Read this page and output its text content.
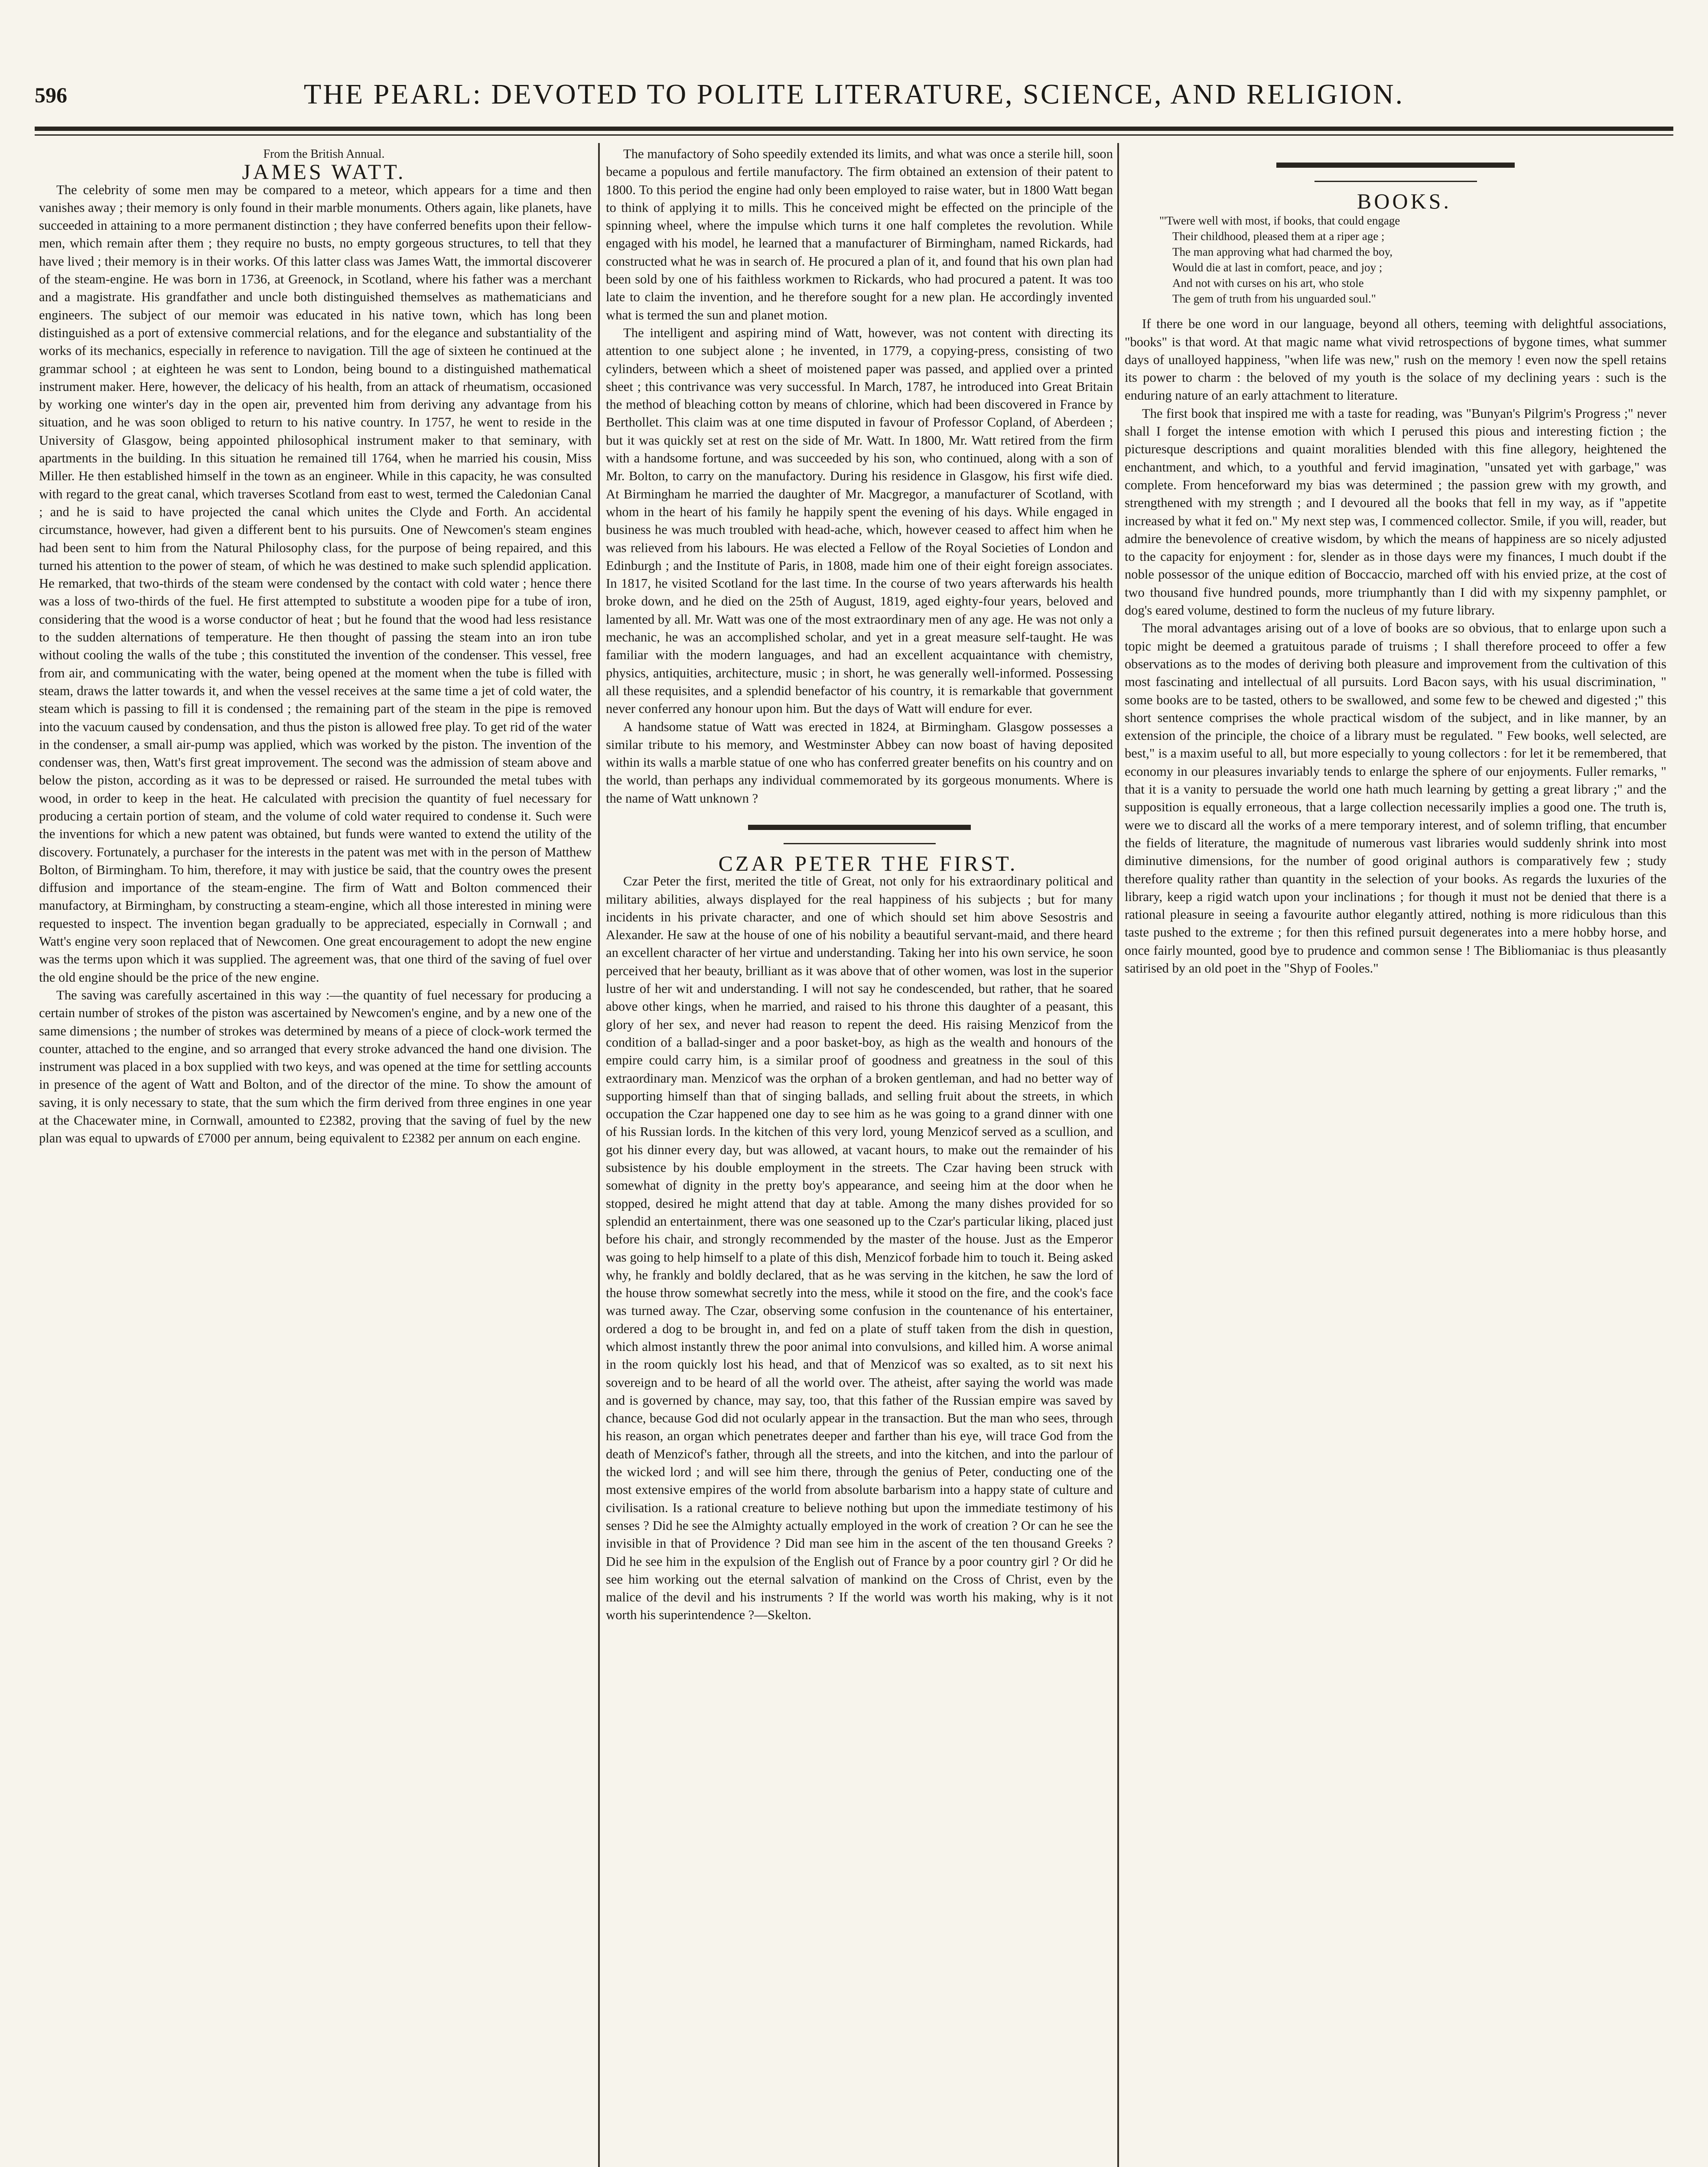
596	THE PEARL: DEVOTED TO POLITE LITERATURE, SCIENCE, AND RELIGION.

From the British Annual.

JAMES WATT.

The celebrity of some men may be compared to a meteor, which appears for a time and then vanishes away ; their memory is only found in their marble monuments. Others again, like planets, have succeeded in attaining to a more permanent distinction ; they have conferred benefits upon their fellow-men, which remain after them ; they require no busts, no empty gorgeous structures, to tell that they have lived ; their memory is in their works. Of this latter class was James Watt, the immortal discoverer of the steam-engine. He was born in 1736, at Greenock, in Scotland, where his father was a merchant and a magistrate. His grandfather and uncle both distinguished themselves as mathematicians and engineers. The subject of our memoir was educated in his native town, which has long been distinguished as a port of extensive commercial relations, and for the elegance and substantiality of the works of its mechanics, especially in reference to navigation. Till the age of sixteen he continued at the grammar school ; at eighteen he was sent to London, being bound to a distinguished mathematical instrument maker. Here, however, the delicacy of his health, from an attack of rheumatism, occasioned by working one winter's day in the open air, prevented him from deriving any advantage from his situation, and he was soon obliged to return to his native country. In 1757, he went to reside in the University of Glasgow, being appointed philosophical instrument maker to that seminary, with apartments in the building. In this situation he remained till 1764, when he married his cousin, Miss Miller. He then established himself in the town as an engineer. While in this capacity, he was consulted with regard to the great canal, which traverses Scotland from east to west, termed the Caledonian Canal ; and he is said to have projected the canal which unites the Clyde and Forth. An accidental circumstance, however, had given a different bent to his pursuits. One of Newcomen's steam engines had been sent to him from the Natural Philosophy class, for the purpose of being repaired, and this turned his attention to the power of steam, of which he was destined to make such splendid application. He remarked, that two-thirds of the steam were condensed by the contact with cold water ; hence there was a loss of two-thirds of the fuel. He first attempted to substitute a wooden pipe for a tube of iron, considering that the wood is a worse conductor of heat ; but he found that the wood had less resistance to the sudden alternations of temperature. He then thought of passing the steam into an iron tube without cooling the walls of the tube ; this constituted the invention of the condenser. This vessel, free from air, and communicating with the water, being opened at the moment when the tube is filled with steam, draws the latter towards it, and when the vessel receives at the same time a jet of cold water, the steam which is passing to fill it is condensed ; the remaining part of the steam in the pipe is removed into the vacuum caused by condensation, and thus the piston is allowed free play. To get rid of the water in the condenser, a small air-pump was applied, which was worked by the piston. The invention of the condenser was, then, Watt's first great improvement. The second was the admission of steam above and below the piston, according as it was to be depressed or raised. He surrounded the metal tubes with wood, in order to keep in the heat. He calculated with precision the quantity of fuel necessary for producing a certain portion of steam, and the volume of cold water required to condense it. Such were the inventions for which a new patent was obtained, but funds were wanted to extend the utility of the discovery. Fortunately, a purchaser for the interests in the patent was met with in the person of Matthew Bolton, of Birmingham. To him, therefore, it may with justice be said, that the country owes the present diffusion and importance of the steam-engine. The firm of Watt and Bolton commenced their manufactory, at Birmingham, by constructing a steam-engine, which all those interested in mining were requested to inspect. The invention began gradually to be appreciated, especially in Cornwall ; and Watt's engine very soon replaced that of Newcomen. One great encouragement to adopt the new engine was the terms upon which it was supplied. The agreement was, that one third of the saving of fuel over the old engine should be the price of the new engine.

The saving was carefully ascertained in this way :—the quantity of fuel necessary for producing a certain number of strokes of the piston was ascertained by Newcomen's engine, and by a new one of the same dimensions ; the number of strokes was determined by means of a piece of clock-work termed the counter, attached to the engine, and so arranged that every stroke advanced the hand one division. The instrument was placed in a box supplied with two keys, and was opened at the time for settling accounts in presence of the agent of Watt and Bolton, and of the director of the mine. To show the amount of saving, it is only necessary to state, that the sum which the firm derived from three engines in one year at the Chacewater mine, in Cornwall, amounted to £2382, proving that the saving of fuel by the new plan was equal to upwards of £7000 per annum, being equivalent to £2382 per annum on each engine.

The manufactory of Soho speedily extended its limits, and what was once a sterile hill, soon became a populous and fertile manufactory. The firm obtained an extension of their patent to 1800. To this period the engine had only been employed to raise water, but in 1800 Watt began to think of applying it to mills. This he conceived might be effected on the principle of the spinning wheel, where the impulse which turns it one half completes the revolution. While engaged with his model, he learned that a manufacturer of Birmingham, named Rickards, had constructed what he was in search of. He procured a plan of it, and found that his own plan had been sold by one of his faithless workmen to Rickards, who had procured a patent. It was too late to claim the invention, and he therefore sought for a new plan. He accordingly invented what is termed the sun and planet motion.

The intelligent and aspiring mind of Watt, however, was not content with directing its attention to one subject alone ; he invented, in 1779, a copying-press, consisting of two cylinders, between which a sheet of moistened paper was passed, and applied over a printed sheet ; this contrivance was very successful. In March, 1787, he introduced into Great Britain the method of bleaching cotton by means of chlorine, which had been discovered in France by Berthollet. This claim was at one time disputed in favour of Professor Copland, of Aberdeen ; but it was quickly set at rest on the side of Mr. Watt. In 1800, Mr. Watt retired from the firm with a handsome fortune, and was succeeded by his son, who continued, along with a son of Mr. Bolton, to carry on the manufactory. During his residence in Glasgow, his first wife died. At Birmingham he married the daughter of Mr. Macgregor, a manufacturer of Scotland, with whom in the heart of his family he happily spent the evening of his days. While engaged in business he was much troubled with head-ache, which, however ceased to affect him when he was relieved from his labours. He was elected a Fellow of the Royal Societies of London and Edinburgh ; and the Institute of Paris, in 1808, made him one of their eight foreign associates. In 1817, he visited Scotland for the last time. In the course of two years afterwards his health broke down, and he died on the 25th of August, 1819, aged eighty-four years, beloved and lamented by all. Mr. Watt was one of the most extraordinary men of any age. He was not only a mechanic, he was an accomplished scholar, and yet in a great measure self-taught. He was familiar with the modern languages, and had an excellent acquaintance with chemistry, physics, antiquities, architecture, music ; in short, he was generally well-informed. Possessing all these requisites, and a splendid benefactor of his country, it is remarkable that government never conferred any honour upon him. But the days of Watt will endure for ever.

A handsome statue of Watt was erected in 1824, at Birmingham. Glasgow possesses a similar tribute to his memory, and Westminster Abbey can now boast of having deposited within its walls a marble statue of one who has conferred greater benefits on his country and on the world, than perhaps any individual commemorated by its gorgeous monuments. Where is the name of Watt unknown ?

CZAR PETER THE FIRST.

Czar Peter the first, merited the title of Great, not only for his extraordinary political and military abilities, always displayed for the real happiness of his subjects ; but for many incidents in his private character, and one of which should set him above Sesostris and Alexander. He saw at the house of one of his nobility a beautiful servant-maid, and there heard an excellent character of her virtue and understanding. Taking her into his own service, he soon perceived that her beauty, brilliant as it was above that of other women, was lost in the superior lustre of her wit and understanding. I will not say he condescended, but rather, that he soared above other kings, when he married, and raised to his throne this daughter of a peasant, this glory of her sex, and never had reason to repent the deed. His raising Menzicof from the condition of a ballad-singer and a poor basket-boy, as high as the wealth and honours of the empire could carry him, is a similar proof of goodness and greatness in the soul of this extraordinary man. Menzicof was the orphan of a broken gentleman, and had no better way of supporting himself than that of singing ballads, and selling fruit about the streets, in which occupation the Czar happened one day to see him as he was going to a grand dinner with one of his Russian lords. In the kitchen of this very lord, young Menzicof served as a scullion, and got his dinner every day, but was allowed, at vacant hours, to make out the remainder of his subsistence by his double employment in the streets. The Czar having been struck with somewhat of dignity in the pretty boy's appearance, and seeing him at the door when he stopped, desired he might attend that day at table. Among the many dishes provided for so splendid an entertainment, there was one seasoned up to the Czar's particular liking, placed just before his chair, and strongly recommended by the master of the house. Just as the Emperor was going to help himself to a plate of this dish, Menzicof forbade him to touch it. Being asked why, he frankly and boldly declared, that as he was serving in the kitchen, he saw the lord of the house throw somewhat secretly into the mess, while it stood on the fire, and the cook's face was turned away. The Czar, observing some confusion in the countenance of his entertainer, ordered a dog to be brought in, and fed on a plate of stuff taken from the dish in question, which almost instantly threw the poor animal into convulsions, and killed him. A worse animal in the room quickly lost his head, and that of Menzicof was so exalted, as to sit next his sovereign and to be heard of all the world over. The atheist, after saying the world was made and is governed by chance, may say, too, that this father of the Russian empire was saved by chance, because God did not ocularly appear in the transaction. But the man who sees, through his reason, an organ which penetrates deeper and farther than his eye, will trace God from the death of Menzicof's father, through all the streets, and into the kitchen, and into the parlour of the wicked lord ; and will see him there, through the genius of Peter, conducting one of the most extensive empires of the world from absolute barbarism into a happy state of culture and civilisation. Is a rational creature to believe nothing but upon the immediate testimony of his senses ? Did he see the Almighty actually employed in the work of creation ? Or can he see the invisible in that of Providence ? Did man see him in the ascent of the ten thousand Greeks ? Did he see him in the expulsion of the English out of France by a poor country girl ? Or did he see him working out the eternal salvation of mankind on the Cross of Christ, even by the malice of the devil and his instruments ? If the world was worth his making, why is it not worth his superintendence ?—Skelton.

BOOKS.

"'Twere well with most, if books, that could engage
Their childhood, pleased them at a riper age ;
The man approving what had charmed the boy,
Would die at last in comfort, peace, and joy ;
And not with curses on his art, who stole
The gem of truth from his unguarded soul."

If there be one word in our language, beyond all others, teeming with delightful associations, "books" is that word. At that magic name what vivid retrospections of bygone times, what summer days of unalloyed happiness, "when life was new," rush on the memory ! even now the spell retains its power to charm : the beloved of my youth is the solace of my declining years : such is the enduring nature of an early attachment to literature.

The first book that inspired me with a taste for reading, was "Bunyan's Pilgrim's Progress ;" never shall I forget the intense emotion with which I perused this pious and interesting fiction ; the picturesque descriptions and quaint moralities blended with this fine allegory, heightened the enchantment, and which, to a youthful and fervid imagination, "unsated yet with garbage," was complete. From henceforward my bias was determined ; the passion grew with my growth, and strengthened with my strength ; and I devoured all the books that fell in my way, as if "appetite increased by what it fed on." My next step was, I commenced collector. Smile, if you will, reader, but admire the benevolence of creative wisdom, by which the means of happiness are so nicely adjusted to the capacity for enjoyment : for, slender as in those days were my finances, I much doubt if the noble possessor of the unique edition of Boccaccio, marched off with his envied prize, at the cost of two thousand five hundred pounds, more triumphantly than I did with my sixpenny pamphlet, or dog's eared volume, destined to form the nucleus of my future library.

The moral advantages arising out of a love of books are so obvious, that to enlarge upon such a topic might be deemed a gratuitous parade of truisms ; I shall therefore proceed to offer a few observations as to the modes of deriving both pleasure and improvement from the cultivation of this most fascinating and intellectual of all pursuits. Lord Bacon says, with his usual discrimination, " some books are to be tasted, others to be swallowed, and some few to be chewed and digested ;" this short sentence comprises the whole practical wisdom of the subject, and in like manner, by an extension of the principle, the choice of a library must be regulated. " Few books, well selected, are best," is a maxim useful to all, but more especially to young collectors : for let it be remembered, that economy in our pleasures invariably tends to enlarge the sphere of our enjoyments. Fuller remarks, " that it is a vanity to persuade the world one hath much learning by getting a great library ;" and the supposition is equally erroneous, that a large collection necessarily implies a good one. The truth is, were we to discard all the works of a mere temporary interest, and of solemn trifling, that encumber the fields of literature, the magnitude of numerous vast libraries would suddenly shrink into most diminutive dimensions, for the number of good original authors is comparatively few ; study therefore quality rather than quantity in the selection of your books. As regards the luxuries of the library, keep a rigid watch upon your inclinations ; for though it must not be denied that there is a rational pleasure in seeing a favourite author elegantly attired, nothing is more ridiculous than this taste pushed to the extreme ; for then this refined pursuit degenerates into a mere hobby horse, and once fairly mounted, good bye to prudence and common sense ! The Bibliomaniac is thus pleasantly satirised by an old poet in the "Shyp of Fooles."
